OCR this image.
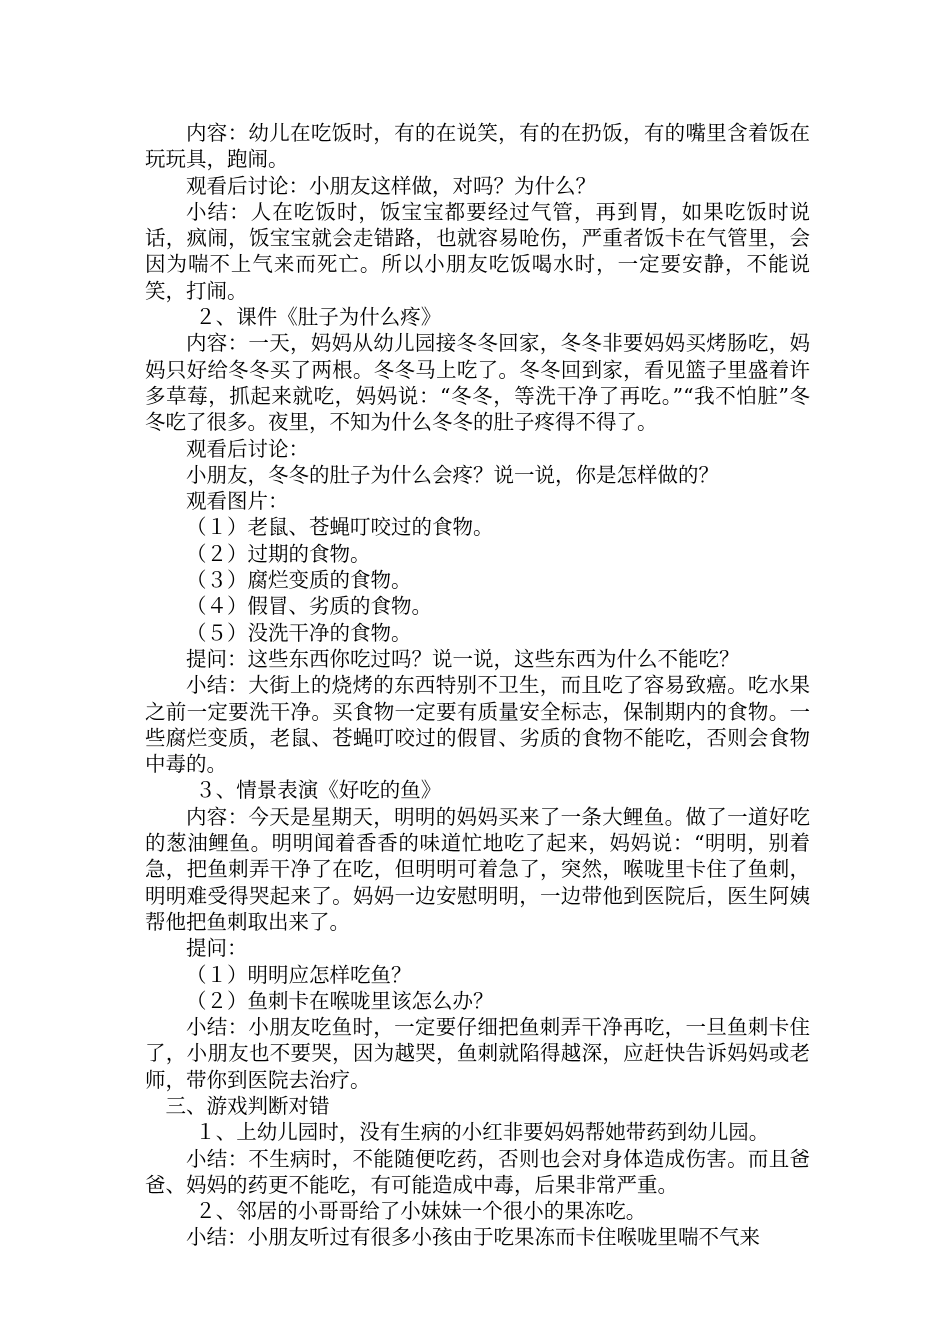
内容：幼儿在吃饭时，有的在说笑，有的在扔饭，有的嘴里含着饭在玩玩具，跑闹。

观看后讨论：小朋友这样做，对吗？为什么？

小结：人在吃饭时，饭宝宝都要经过气管，再到胃，如果吃饭时说话，疯闹，饭宝宝就会走错路，也就容易呛伤，严重者饭卡在气管里，会因为喘不上气来而死亡。所以小朋友吃饭喝水时，一定要安静，不能说笑，打闹。

２、课件《肚子为什么疼》

内容：一天，妈妈从幼儿园接冬冬回家，冬冬非要妈妈买烤肠吃，妈妈只好给冬冬买了两根。冬冬马上吃了。冬冬回到家，看见篮子里盛着许多草莓，抓起来就吃，妈妈说：“冬冬，等洗干净了再吃。”“我不怕脏”冬冬吃了很多。夜里，不知为什么冬冬的肚子疼得不得了。

观看后讨论：

小朋友，冬冬的肚子为什么会疼？说一说，你是怎样做的？

观看图片：

（１）老鼠、苍蝇叮咬过的食物。

（２）过期的食物。

（３）腐烂变质的食物。

（４）假冒、劣质的食物。

（５）没洗干净的食物。

提问：这些东西你吃过吗？说一说，这些东西为什么不能吃？

小结：大街上的烧烤的东西特别不卫生，而且吃了容易致癌。吃水果之前一定要洗干净。买食物一定要有质量安全标志，保制期内的食物。一些腐烂变质，老鼠、苍蝇叮咬过的假冒、劣质的食物不能吃，否则会食物中毒的。

３、情景表演《好吃的鱼》

内容：今天是星期天，明明的妈妈买来了一条大鲤鱼。做了一道好吃的葱油鲤鱼。明明闻着香香的味道忙地吃了起来，妈妈说：“明明，别着急，把鱼刺弄干净了在吃，但明明可着急了，突然，喉咙里卡住了鱼刺，明明难受得哭起来了。妈妈一边安慰明明，一边带他到医院后，医生阿姨帮他把鱼刺取出来了。

提问：

（１）明明应怎样吃鱼？

（２）鱼刺卡在喉咙里该怎么办？

小结：小朋友吃鱼时，一定要仔细把鱼刺弄干净再吃，一旦鱼刺卡住了，小朋友也不要哭，因为越哭，鱼刺就陷得越深，应赶快告诉妈妈或老师，带你到医院去治疗。

三、游戏判断对错

１、上幼儿园时，没有生病的小红非要妈妈帮她带药到幼儿园。

小结：不生病时，不能随便吃药，否则也会对身体造成伤害。而且爸爸、妈妈的药更不能吃，有可能造成中毒，后果非常严重。

２、邻居的小哥哥给了小妹妹一个很小的果冻吃。

小结：小朋友听过有很多小孩由于吃果冻而卡住喉咙里喘不气来
